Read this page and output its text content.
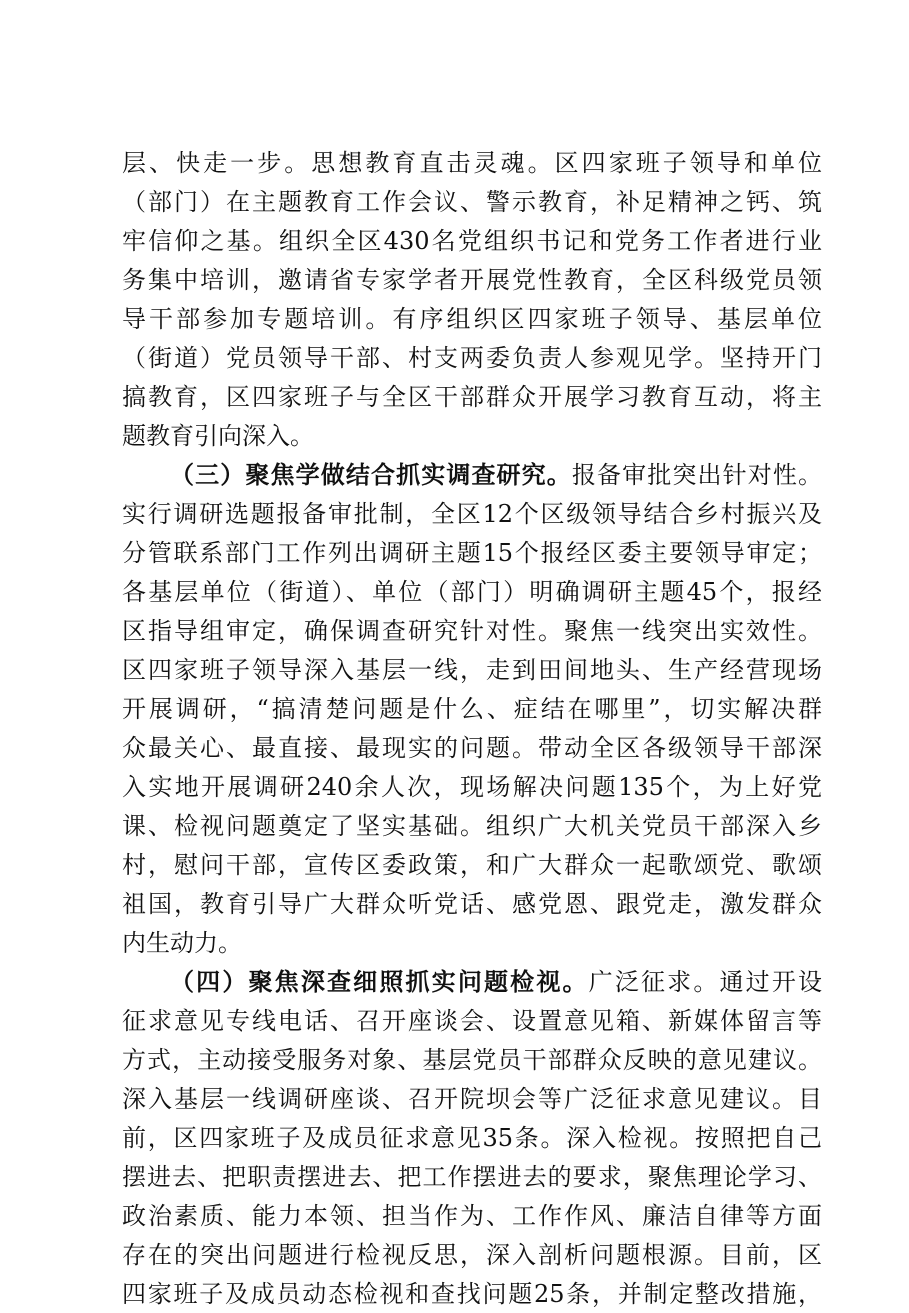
层、快走一步。思想教育直击灵魂。区四家班子领导和单位
（部门）在主题教育工作会议、警示教育，补足精神之钙、筑
牢信仰之基。组织全区430名党组织书记和党务工作者进行业
务集中培训，邀请省专家学者开展党性教育，全区科级党员领
导干部参加专题培训。有序组织区四家班子领导、基层单位
（街道）党员领导干部、村支两委负责人参观见学。坚持开门
搞教育，区四家班子与全区干部群众开展学习教育互动，将主
题教育引向深入。
（三）聚焦学做结合抓实调查研究。报备审批突出针对性。
实行调研选题报备审批制，全区12个区级领导结合乡村振兴及
分管联系部门工作列出调研主题15个报经区委主要领导审定；
各基层单位（街道）、单位（部门）明确调研主题45个，报经
区指导组审定，确保调查研究针对性。聚焦一线突出实效性。
区四家班子领导深入基层一线，走到田间地头、生产经营现场
开展调研，“搞清楚问题是什么、症结在哪里”，切实解决群
众最关心、最直接、最现实的问题。带动全区各级领导干部深
入实地开展调研240余人次，现场解决问题135个，为上好党
课、检视问题奠定了坚实基础。组织广大机关党员干部深入乡
村，慰问干部，宣传区委政策，和广大群众一起歌颂党、歌颂
祖国，教育引导广大群众听党话、感党恩、跟党走，激发群众
内生动力。
（四）聚焦深查细照抓实问题检视。广泛征求。通过开设
征求意见专线电话、召开座谈会、设置意见箱、新媒体留言等
方式，主动接受服务对象、基层党员干部群众反映的意见建议。
深入基层一线调研座谈、召开院坝会等广泛征求意见建议。目
前，区四家班子及成员征求意见35条。深入检视。按照把自己
摆进去、把职责摆进去、把工作摆进去的要求，聚焦理论学习、
政治素质、能力本领、担当作为、工作作风、廉洁自律等方面
存在的突出问题进行检视反思，深入剖析问题根源。目前，区
四家班子及成员动态检视和查找问题25条，并制定整改措施，
